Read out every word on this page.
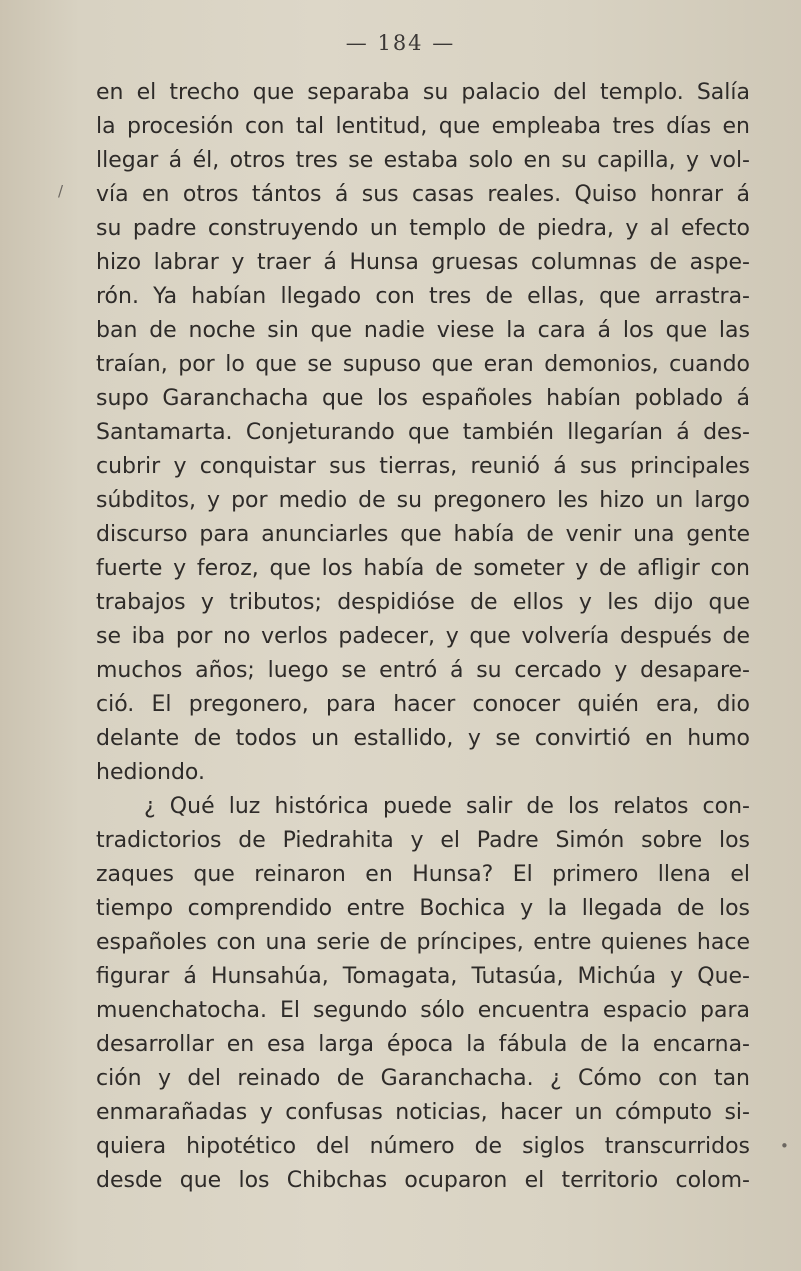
— 184 —
en el trecho que separaba su palacio del templo. Salía
la procesión con tal lentitud, que empleaba tres días en
llegar á él, otros tres se estaba solo en su capilla, y vol-
vía en otros tántos á sus casas reales. Quiso honrar á
su padre construyendo un templo de piedra, y al efecto
hizo labrar y traer á Hunsa gruesas columnas de aspe-
rón. Ya habían llegado con tres de ellas, que arrastra-
ban de noche sin que nadie viese la cara á los que las
traían, por lo que se supuso que eran demonios, cuando
supo Garanchacha que los españoles habían poblado á
Santamarta. Conjeturando que también llegarían á des-
cubrir y conquistar sus tierras, reunió á sus principales
súbditos, y por medio de su pregonero les hizo un largo
discurso para anunciarles que había de venir una gente
fuerte y feroz, que los había de someter y de afligir con
trabajos y tributos; despidióse de ellos y les dijo que
se iba por no verlos padecer, y que volvería después de
muchos años; luego se entró á su cercado y desapare-
ció. El pregonero, para hacer conocer quién era, dio
delante de todos un estallido, y se convirtió en humo
hediondo.
¿ Qué luz histórica puede salir de los relatos con-
tradictorios de Piedrahita y el Padre Simón sobre los
zaques que reinaron en Hunsa? El primero llena el
tiempo comprendido entre Bochica y la llegada de los
españoles con una serie de príncipes, entre quienes hace
figurar á Hunsahúa, Tomagata, Tutasúa, Michúa y Que-
muenchatocha. El segundo sólo encuentra espacio para
desarrollar en esa larga época la fábula de la encarna-
ción y del reinado de Garanchacha. ¿ Cómo con tan
enmarañadas y confusas noticias, hacer un cómputo si-
quiera hipotético del número de siglos transcurridos
desde que los Chibchas ocuparon el territorio colom-
/
•
